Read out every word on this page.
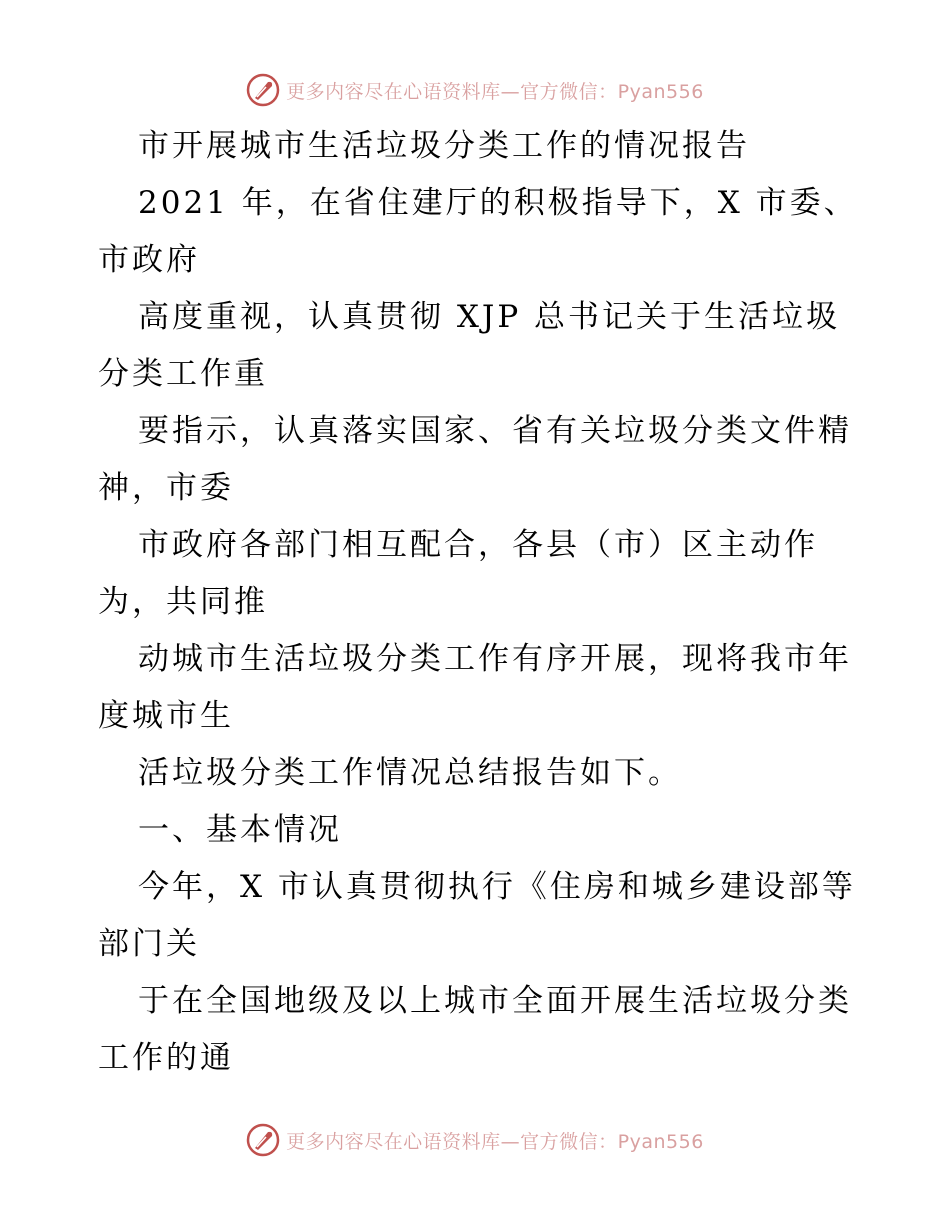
更多内容尽在心语资料库—官方微信：Pyan556
市开展城市生活垃圾分类工作的情况报告
2021 年，在省住建厅的积极指导下，X 市委、
市政府
高度重视，认真贯彻 XJP 总书记关于生活垃圾
分类工作重
要指示，认真落实国家、省有关垃圾分类文件精
神，市委
市政府各部门相互配合，各县（市）区主动作
为，共同推
动城市生活垃圾分类工作有序开展，现将我市年
度城市生
活垃圾分类工作情况总结报告如下。
一、基本情况
今年，X 市认真贯彻执行《住房和城乡建设部等
部门关
于在全国地级及以上城市全面开展生活垃圾分类
工作的通
更多内容尽在心语资料库—官方微信：Pyan556
